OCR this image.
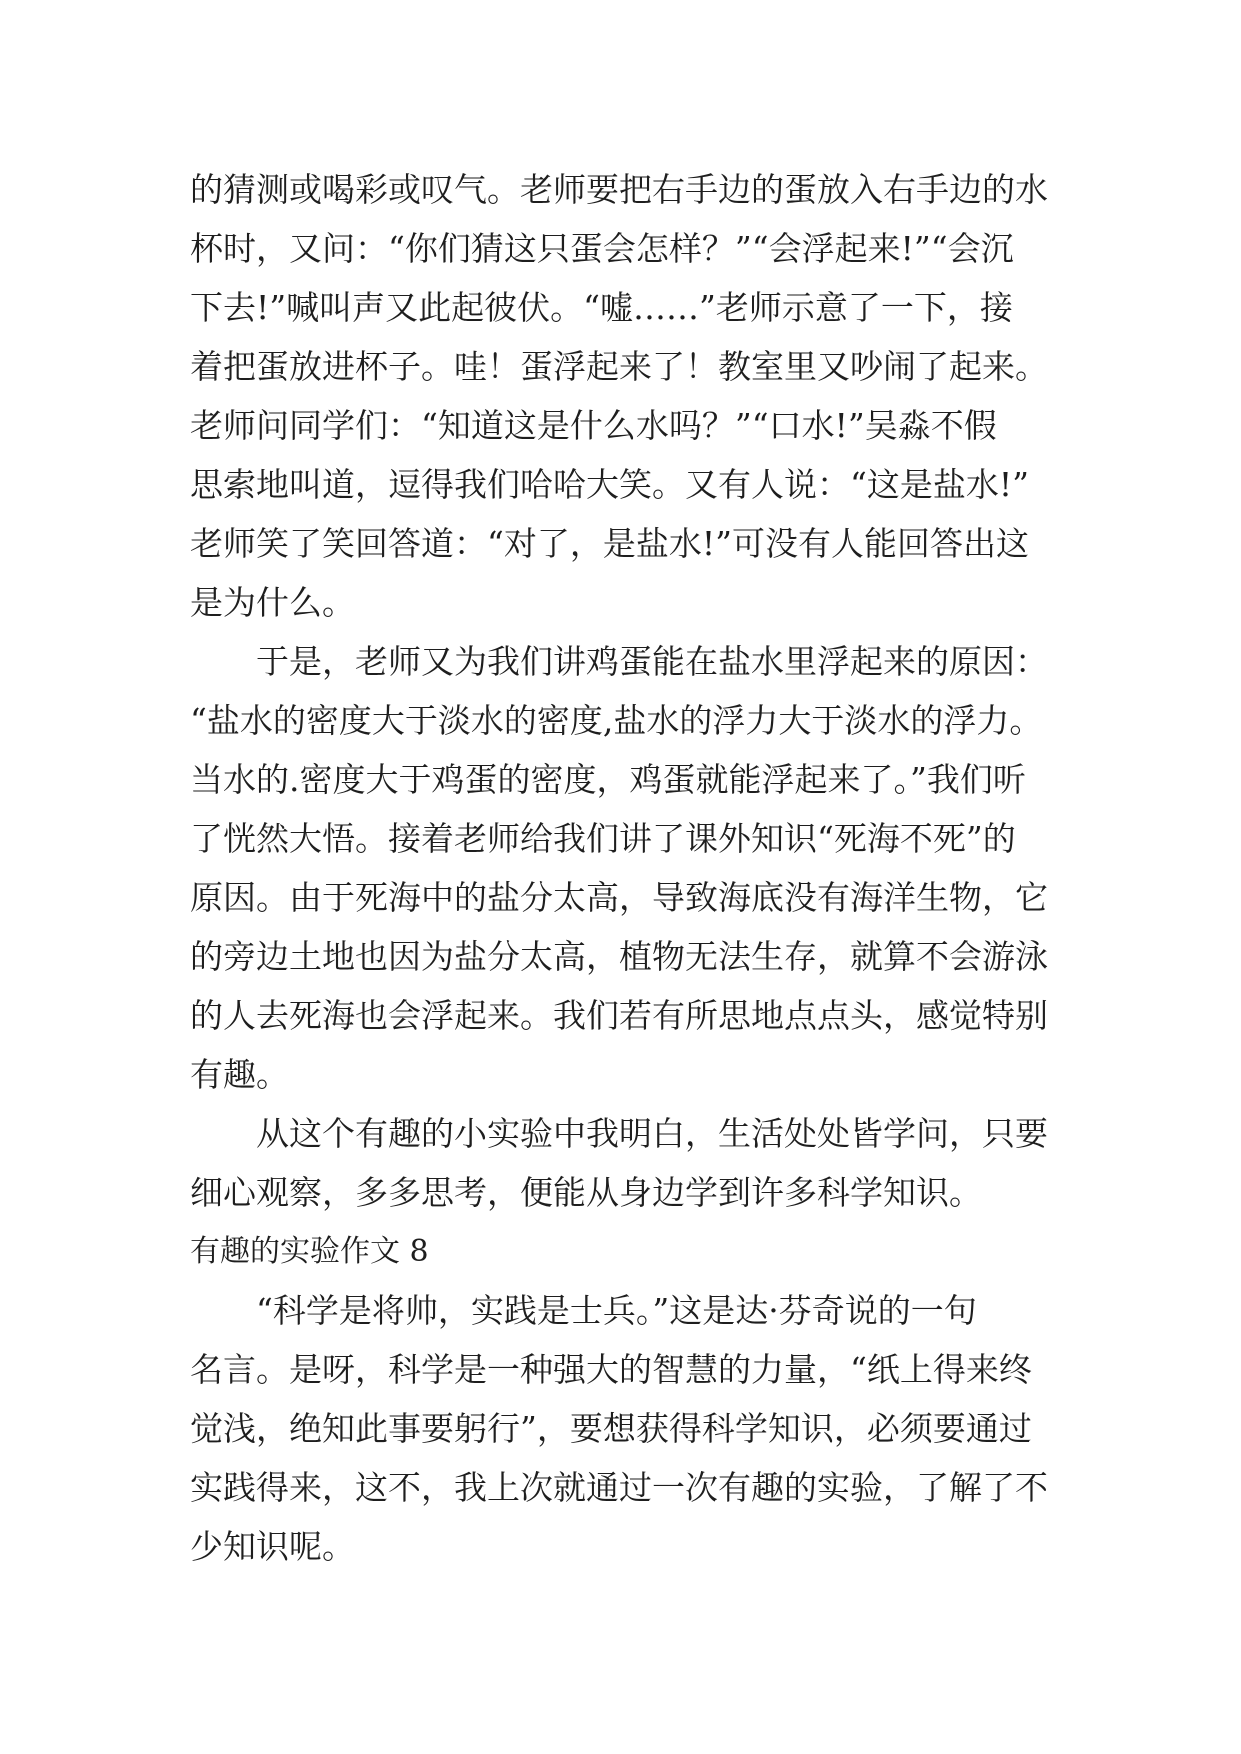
的猜测或喝彩或叹气。老师要把右手边的蛋放入右手边的水
杯时，又问：“你们猜这只蛋会怎样？”“会浮起来!”“会沉
下去!”喊叫声又此起彼伏。“嘘……”老师示意了一下，接
着把蛋放进杯子。哇！蛋浮起来了！教室里又吵闹了起来。
老师问同学们：“知道这是什么水吗？”“口水!”吴淼不假
思索地叫道，逗得我们哈哈大笑。又有人说：“这是盐水!”
老师笑了笑回答道：“对了，是盐水!”可没有人能回答出这
是为什么。
于是，老师又为我们讲鸡蛋能在盐水里浮起来的原因：
“盐水的密度大于淡水的密度,盐水的浮力大于淡水的浮力。
当水的.密度大于鸡蛋的密度，鸡蛋就能浮起来了。”我们听
了恍然大悟。接着老师给我们讲了课外知识“死海不死”的
原因。由于死海中的盐分太高，导致海底没有海洋生物，它
的旁边土地也因为盐分太高，植物无法生存，就算不会游泳
的人去死海也会浮起来。我们若有所思地点点头，感觉特别
有趣。
从这个有趣的小实验中我明白，生活处处皆学问，只要
细心观察，多多思考，便能从身边学到许多科学知识。
有趣的实验作文 8
“科学是将帅，实践是士兵。”这是达·芬奇说的一句
名言。是呀，科学是一种强大的智慧的力量，“纸上得来终
觉浅，绝知此事要躬行”，要想获得科学知识，必须要通过
实践得来，这不，我上次就通过一次有趣的实验，了解了不
少知识呢。
